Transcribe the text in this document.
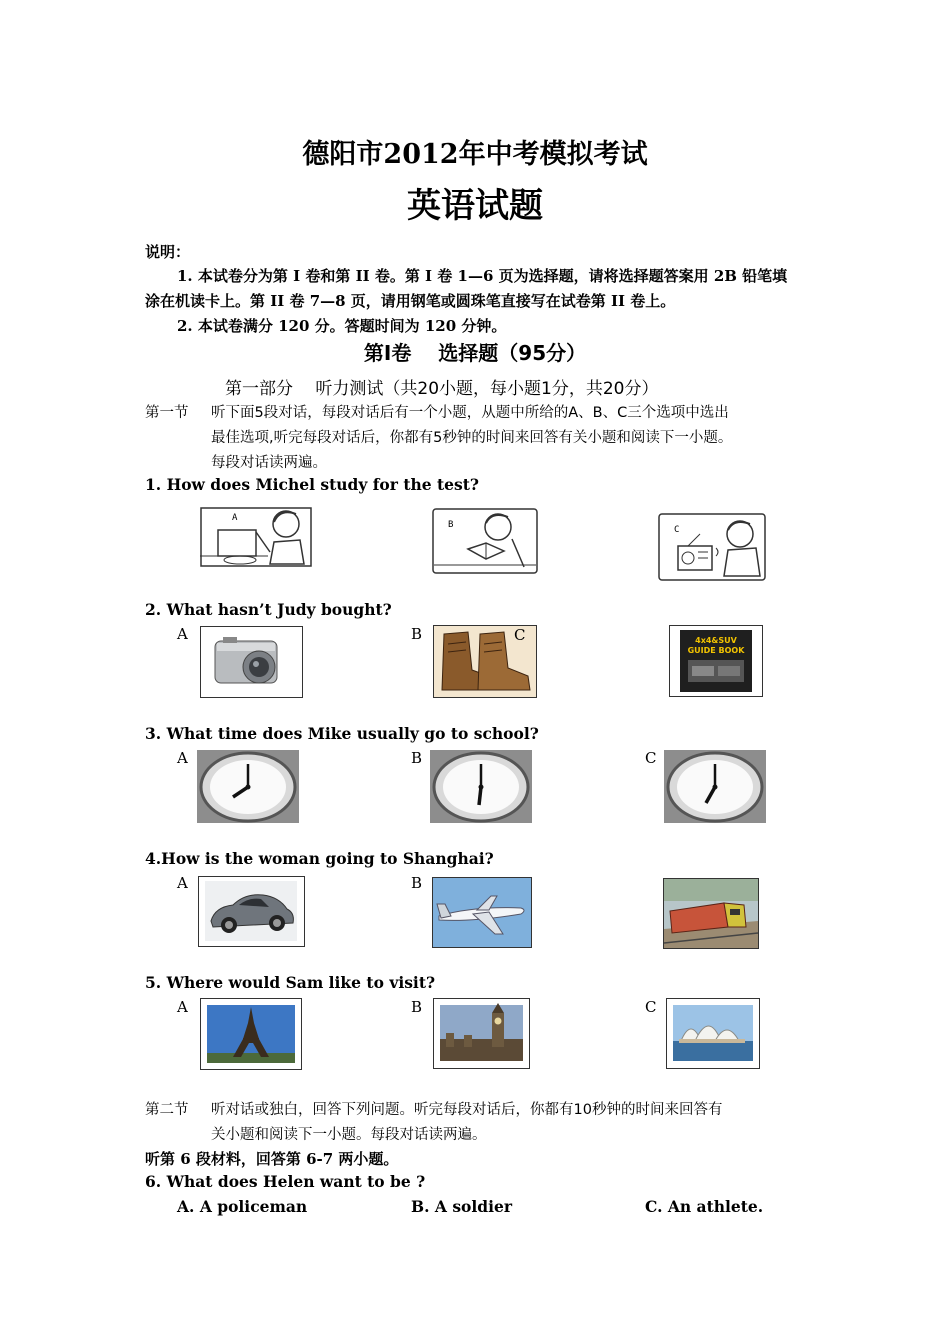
德阳市2012年中考模拟考试
英语试题
说明：
1. 本试卷分为第 I 卷和第 II 卷。第 I 卷 1—6 页为选择题，请将选择题答案用 2B 铅笔填
涂在机读卡上。第 II 卷 7—8 页，请用钢笔或圆珠笔直接写在试卷第 II 卷上。
2. 本试卷满分 120 分。答题时间为 120 分钟。
第Ⅰ卷　 选择题（95分）
第一部分　 听力测试（共20小题，每小题1分，共20分）
第一节 听下面5段对话，每段对话后有一个小题，从题中所给的A、B、C三个选项中选出
最佳选项,听完每段对话后，你都有5秒钟的时间来回答有关小题和阅读下一小题。
每段对话读两遍。
1. How does Michel study for the test?
A
B	C
2. What hasn’t Judy bought?
A	B	C	4x4&SUV
GUIDE BOOK
3. What time does Mike usually go to school?
A	B	C
4.How is the woman going to Shanghai?
A	B
5. Where would Sam like to visit?
A	B	C
第二节 听对话或独白，回答下列问题。听完每段对话后，你都有10秒钟的时间来回答有
关小题和阅读下一小题。每段对话读两遍。
听第 6 段材料，回答第 6-7 两小题。
6. What does Helen want to be ?
A. A policeman	B. A soldier	C. An athlete.
